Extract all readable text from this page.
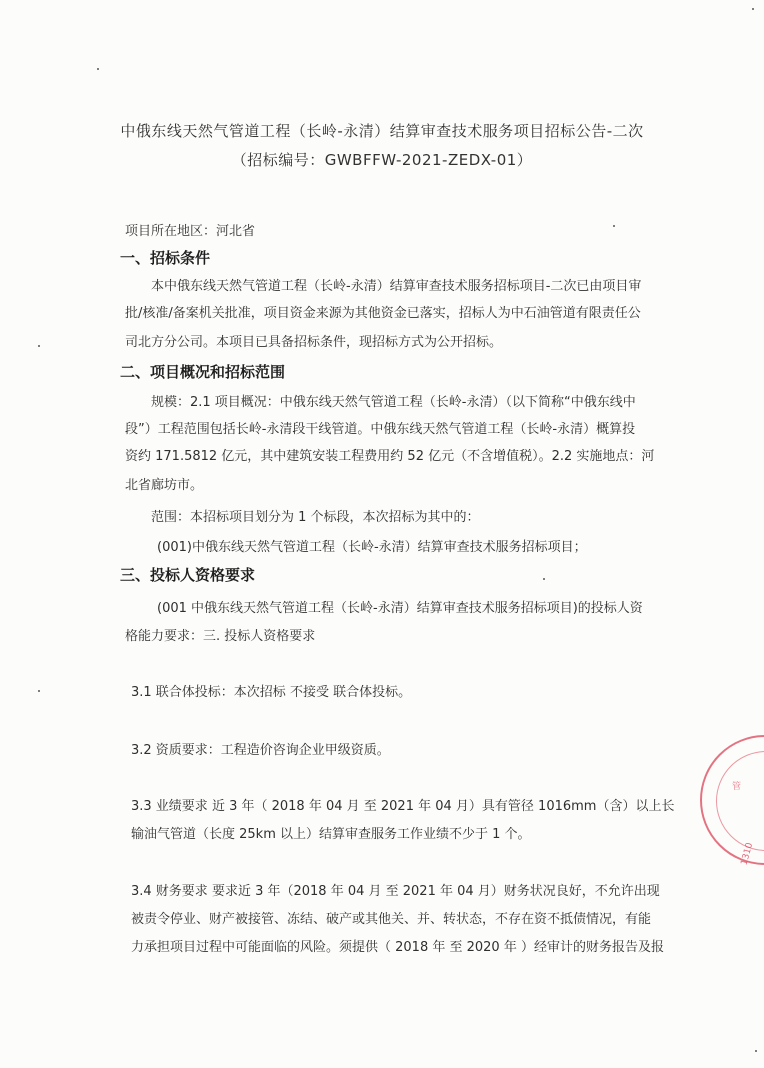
中俄东线天然气管道工程（长岭-永清）结算审查技术服务项目招标公告-二次
（招标编号：GWBFFW-2021-ZEDX-01）
项目所在地区：河北省
一、招标条件
本中俄东线天然气管道工程（长岭-永清）结算审查技术服务招标项目-二次已由项目审
批/核准/备案机关批准，项目资金来源为其他资金已落实，招标人为中石油管道有限责任公
司北方分公司。本项目已具备招标条件，现招标方式为公开招标。
二、项目概况和招标范围
规模：2.1 项目概况：中俄东线天然气管道工程（长岭-永清）（以下简称“中俄东线中
段”）工程范围包括长岭-永清段干线管道。中俄东线天然气管道工程（长岭-永清）概算投
资约 171.5812 亿元，其中建筑安装工程费用约 52 亿元（不含增值税）。2.2 实施地点：河
北省廊坊市。
范围：本招标项目划分为 1 个标段，本次招标为其中的：
(001)中俄东线天然气管道工程（长岭-永清）结算审查技术服务招标项目；
三、投标人资格要求
(001 中俄东线天然气管道工程（长岭-永清）结算审查技术服务招标项目)的投标人资
格能力要求：三. 投标人资格要求
3.1 联合体投标：本次招标 不接受 联合体投标。
3.2 资质要求：工程造价咨询企业甲级资质。
3.3 业绩要求 近 3 年（ 2018 年 04 月 至 2021 年 04 月）具有管径 1016mm（含）以上长
输油气管道（长度 25km 以上）结算审查服务工作业绩不少于 1 个。
3.4 财务要求 要求近 3 年（2018 年 04 月 至 2021 年 04 月）财务状况良好，不允许出现
被责令停业、财产被接管、冻结、破产或其他关、并、转状态，不存在资不抵债情况，有能
力承担项目过程中可能面临的风险。须提供（ 2018 年 至 2020 年 ）经审计的财务报告及报
管
1310
